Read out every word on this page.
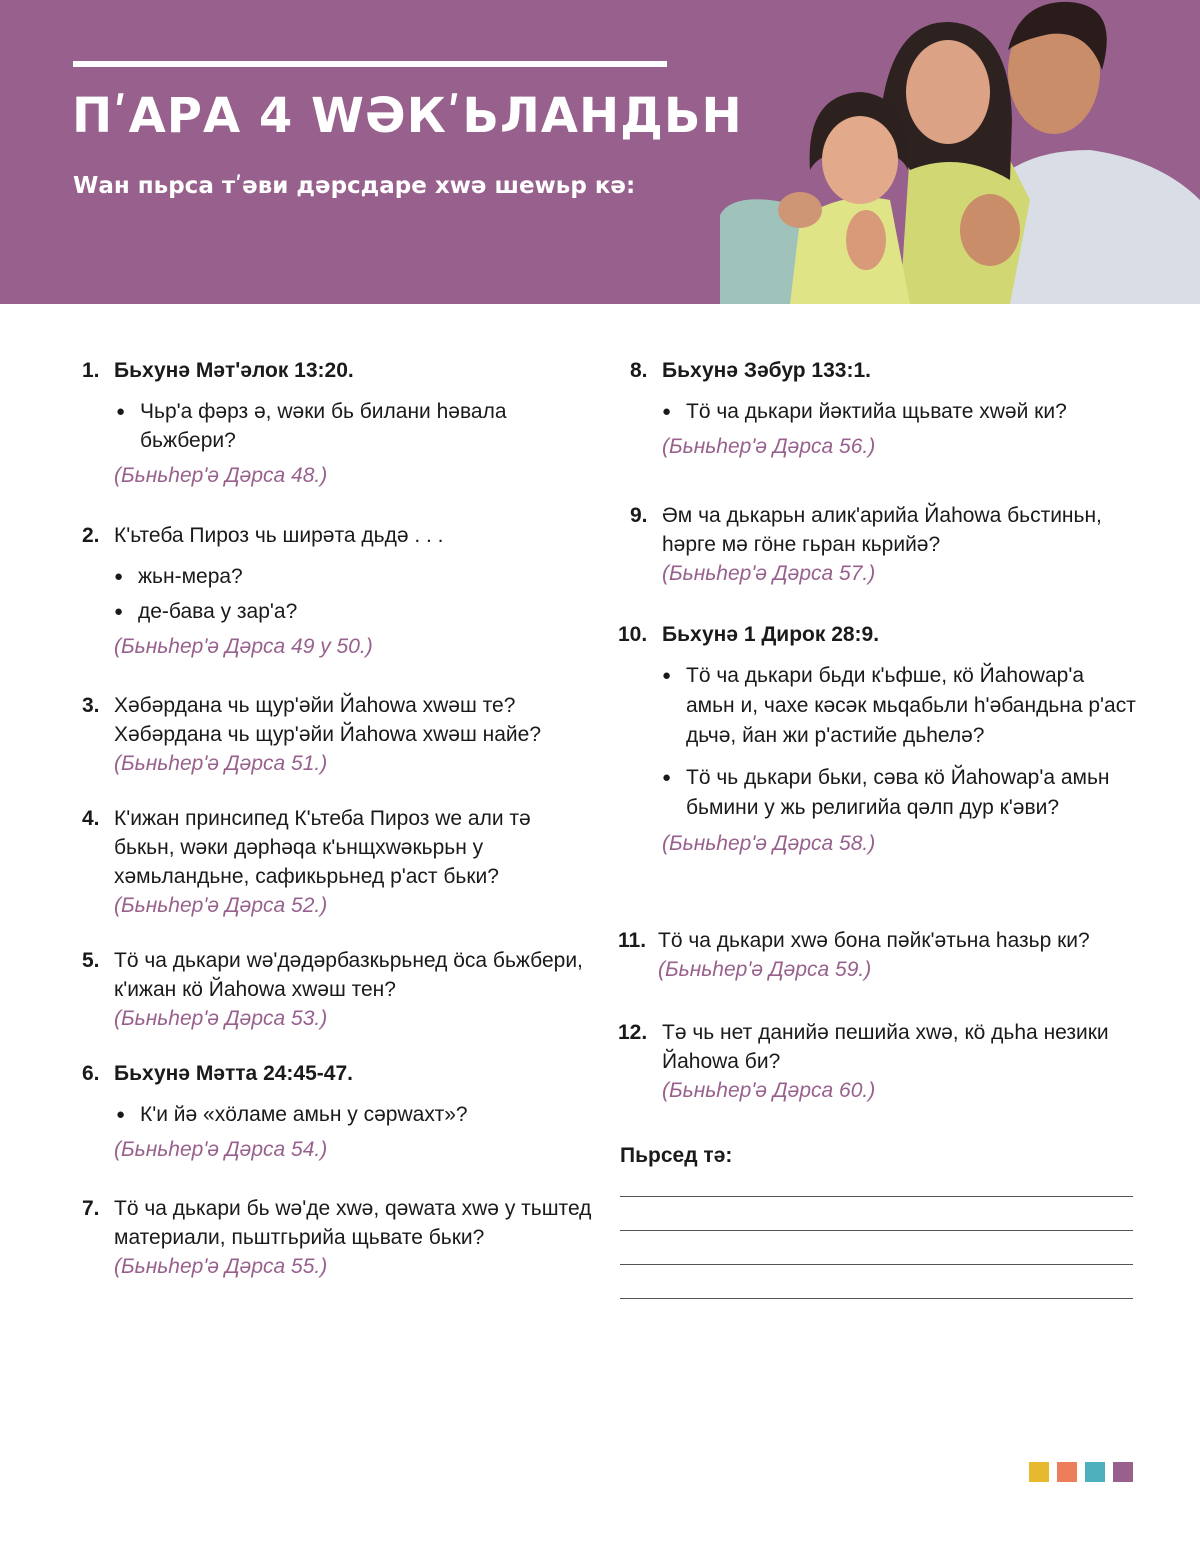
ПʹАРА 4 WƏКʹЬЛАНДЬН

Wан пьрса тʹəви дəрсдаре хwə шеwьр кə:

1. Бьхунə Мəтʹəлок 13:20.
● Чьрʹа фəрз ə, wəки бь билани һəвала бьжбери?
(Бьньһерʹə Дəрса 48.)
2. Кʹьтеба Пироз чь ширəта дьдə . . .
● жьн-мера?
● де-бава у зарʹа?
(Бьньһерʹə Дəрса 49 у 50.)
3. Хəбəрдана чь щурʹəйи Йаһоwа хwəш те? Хəбəрдана чь щурʹəйи Йаһоwа хwəш найе?
(Бьньһерʹə Дəрса 51.)
4. Кʹижан принсипед Кʹьтеба Пироз wе али тə бькьн, wəки дəрһəqа кʹьнщхwəкьрьн у хəмьландьне, сафикьрьнед рʹаст бьки?
(Бьньһерʹə Дəрса 52.)
5. Тö ча дькари wəʹдəдəрбазкьрьнед öса бьжбери, кʹижан кö Йаһоwа хwəш тен?
(Бьньһерʹə Дəрса 53.)
6. Бьхунə Мəтта 24:45-47.
● Кʹи йə «хöламе амьн у сəрwахт»?
(Бьньһерʹə Дəрса 54.)
7. Тö ча дькари бь wəʹде хwə, qəwата хwə у тьштед материали, пьштгьрийа щьвате бьки?
(Бьньһерʹə Дəрса 55.)
8. Бьхунə Зəбур 133:1.
● Тö ча дькари йəктийа щьвате хwəй ки?
(Бьньһерʹə Дəрса 56.)
9. Əм ча дькарьн аликʹарийа Йаһоwа бьстиньн, һəрге мə гöне гьран кьрийə?
(Бьньһерʹə Дəрса 57.)
10. Бьхунə 1 Дирок 28:9.
● Тö ча дькари бьди кʹьфше, кö Йаһоwарʹа амьн и, чахе кəсəк мьqабьли һʹəбандьна рʹаст дьчə, йан жи рʹастийе дьһелə?
● Тö чь дькари бьки, сəва кö Йаһоwарʹа амьн бьмини у жь религийа qəлп дур кʹəви?
(Бьньһерʹə Дəрса 58.)
11. Тö ча дькари хwə бона пəйкʹəтьна һазьр ки?
(Бьньһерʹə Дəрса 59.)
12. Тə чь нет данийə пешийа хwə, кö дьһа незики Йаһоwа би?
(Бьньһерʹə Дəрса 60.)
Пьрсед тə:
